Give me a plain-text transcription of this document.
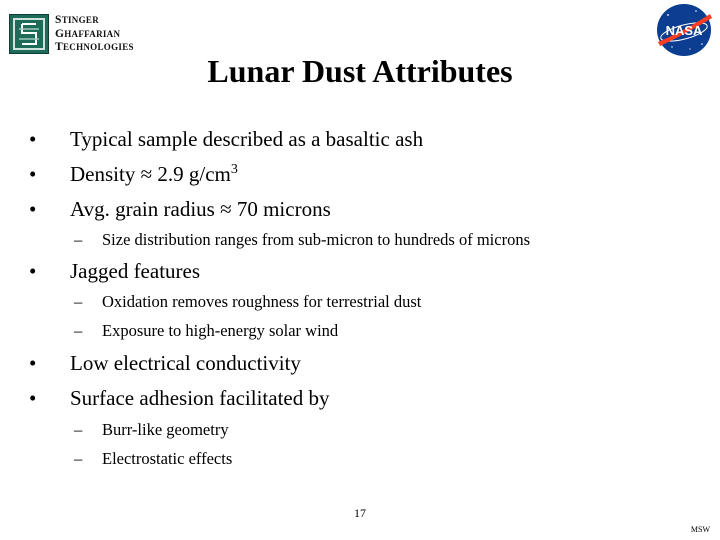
STINGER
GHAFFARIAN
TECHNOLOGIES
NASA
Lunar Dust Attributes
• Typical sample described as a basaltic ash
• Density ≈ 2.9 $g/cm^3$
• Avg. grain radius ≈ 70 microns
– Size distribution ranges from sub-micron to hundreds of microns
• Jagged features
– Oxidation removes roughness for terrestrial dust
– Exposure to high-energy solar wind
• Low electrical conductivity
• Surface adhesion facilitated by
– Burr-like geometry
– Electrostatic effects
17
MSW
